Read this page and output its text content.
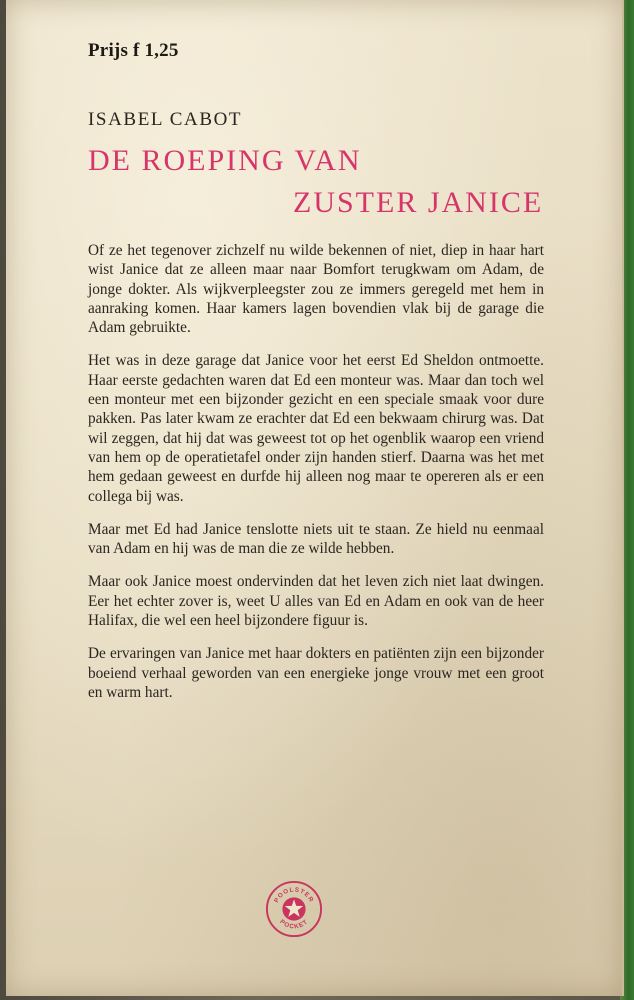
Prijs f 1,25
ISABEL CABOT
DE ROEPING VAN
ZUSTER JANICE

Of ze het tegenover zichzelf nu wilde bekennen of niet, diep in haar hart wist Janice dat ze alleen maar naar Bomfort terugkwam om Adam, de jonge dokter. Als wijkverpleegster zou ze immers geregeld met hem in aanraking komen. Haar kamers lagen bovendien vlak bij de garage die Adam gebruikte.

Het was in deze garage dat Janice voor het eerst Ed Sheldon ontmoette. Haar eerste gedachten waren dat Ed een monteur was. Maar dan toch wel een monteur met een bijzonder gezicht en een speciale smaak voor dure pakken. Pas later kwam ze erachter dat Ed een bekwaam chirurg was. Dat wil zeggen, dat hij dat was geweest tot op het ogenblik waarop een vriend van hem op de operatietafel onder zijn handen stierf. Daarna was het met hem gedaan geweest en durfde hij alleen nog maar te opereren als er een collega bij was.

Maar met Ed had Janice tenslotte niets uit te staan. Ze hield nu eenmaal van Adam en hij was de man die ze wilde hebben.

Maar ook Janice moest ondervinden dat het leven zich niet laat dwingen. Eer het echter zover is, weet U alles van Ed en Adam en ook van de heer Halifax, die wel een heel bijzondere figuur is.

De ervaringen van Janice met haar dokters en patiënten zijn een bijzonder boeiend verhaal geworden van een energieke jonge vrouw met een groot en warm hart.

POOLSTER
POCKET
